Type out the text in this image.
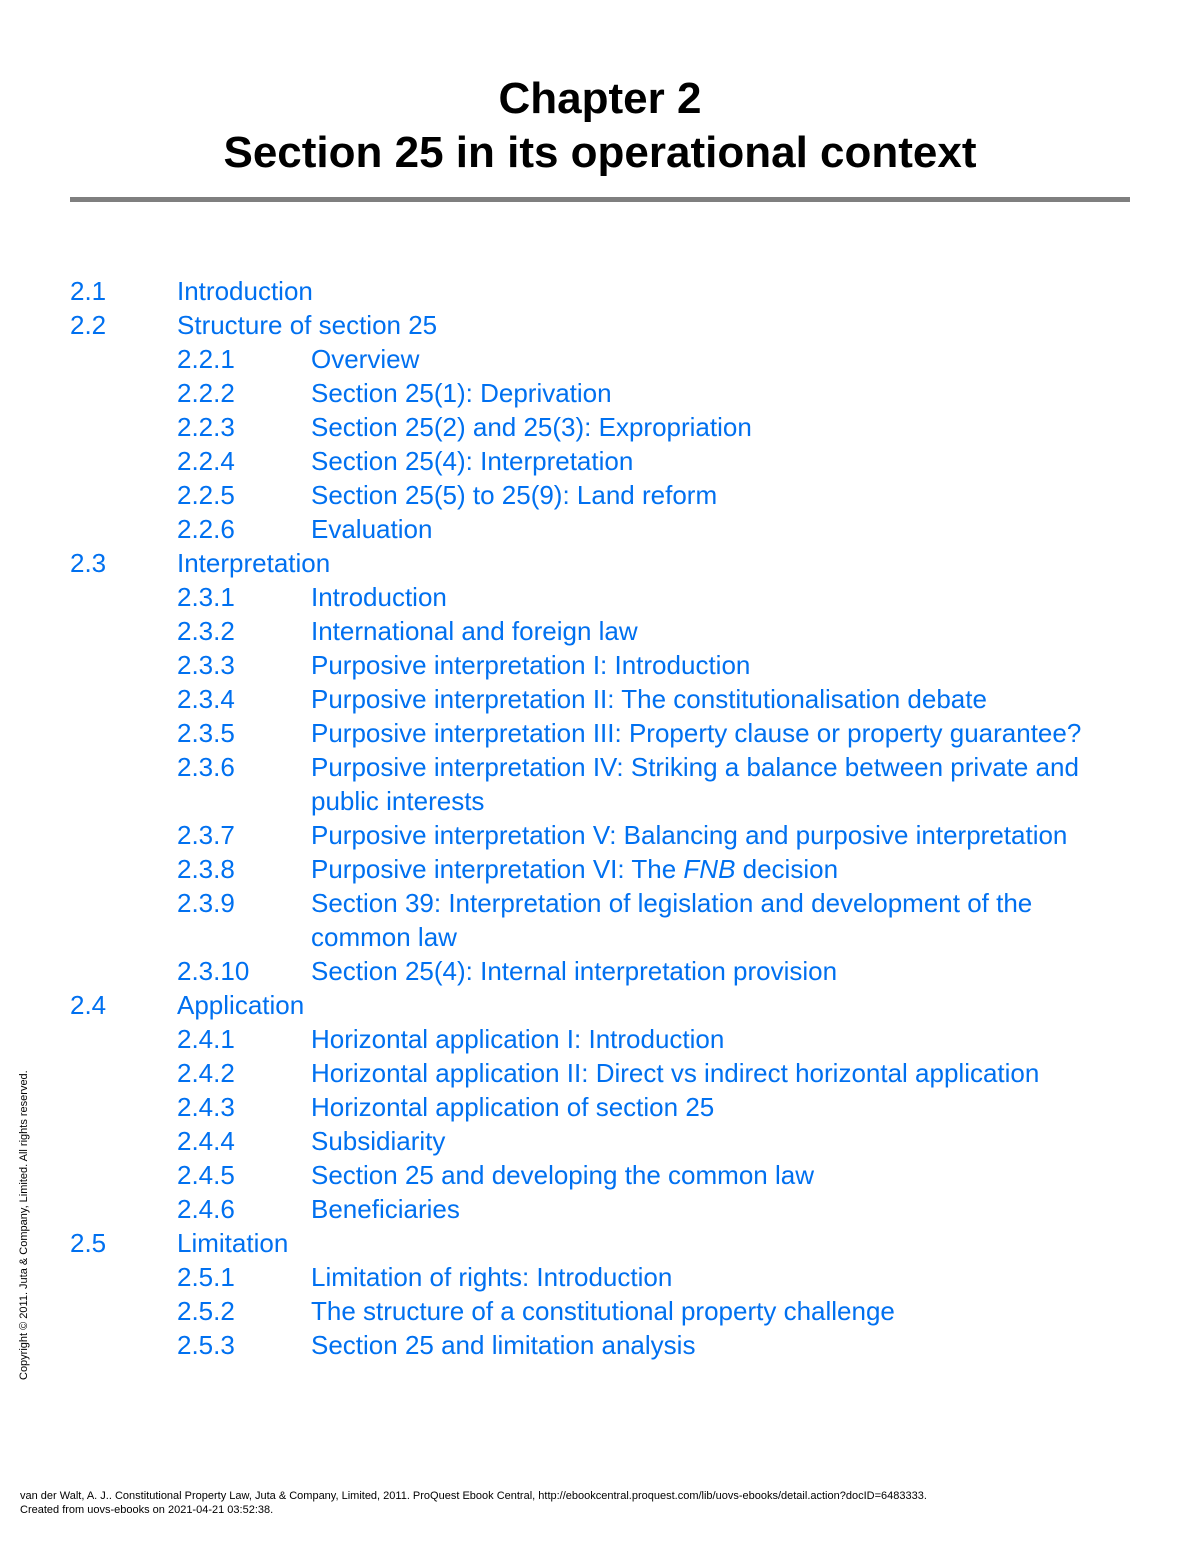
Chapter 2
Section 25 in its operational context
2.1	Introduction
2.2	Structure of section 25
2.2.1	Overview
2.2.2	Section 25(1): Deprivation
2.2.3	Section 25(2) and 25(3): Expropriation
2.2.4	Section 25(4): Interpretation
2.2.5	Section 25(5) to 25(9): Land reform
2.2.6	Evaluation
2.3	Interpretation
2.3.1	Introduction
2.3.2	International and foreign law
2.3.3	Purposive interpretation I: Introduction
2.3.4	Purposive interpretation II: The constitutionalisation debate
2.3.5	Purposive interpretation III: Property clause or property guarantee?
2.3.6	Purposive interpretation IV: Striking a balance between private and public interests
2.3.7	Purposive interpretation V: Balancing and purposive interpretation
2.3.8	Purposive interpretation VI: The FNB decision
2.3.9	Section 39: Interpretation of legislation and development of the common law
2.3.10 Section 25(4): Internal interpretation provision
2.4	Application
2.4.1	Horizontal application I: Introduction
2.4.2	Horizontal application II: Direct vs indirect horizontal application
2.4.3	Horizontal application of section 25
2.4.4	Subsidiarity
2.4.5	Section 25 and developing the common law
2.4.6	Beneficiaries
2.5	Limitation
2.5.1	Limitation of rights: Introduction
2.5.2	The structure of a constitutional property challenge
2.5.3	Section 25 and limitation analysis
Copyright © 2011. Juta & Company, Limited. All rights reserved.
van der Walt, A. J.. Constitutional Property Law, Juta & Company, Limited, 2011. ProQuest Ebook Central, http://ebookcentral.proquest.com/lib/uovs-ebooks/detail.action?docID=6483333.
Created from uovs-ebooks on 2021-04-21 03:52:38.
